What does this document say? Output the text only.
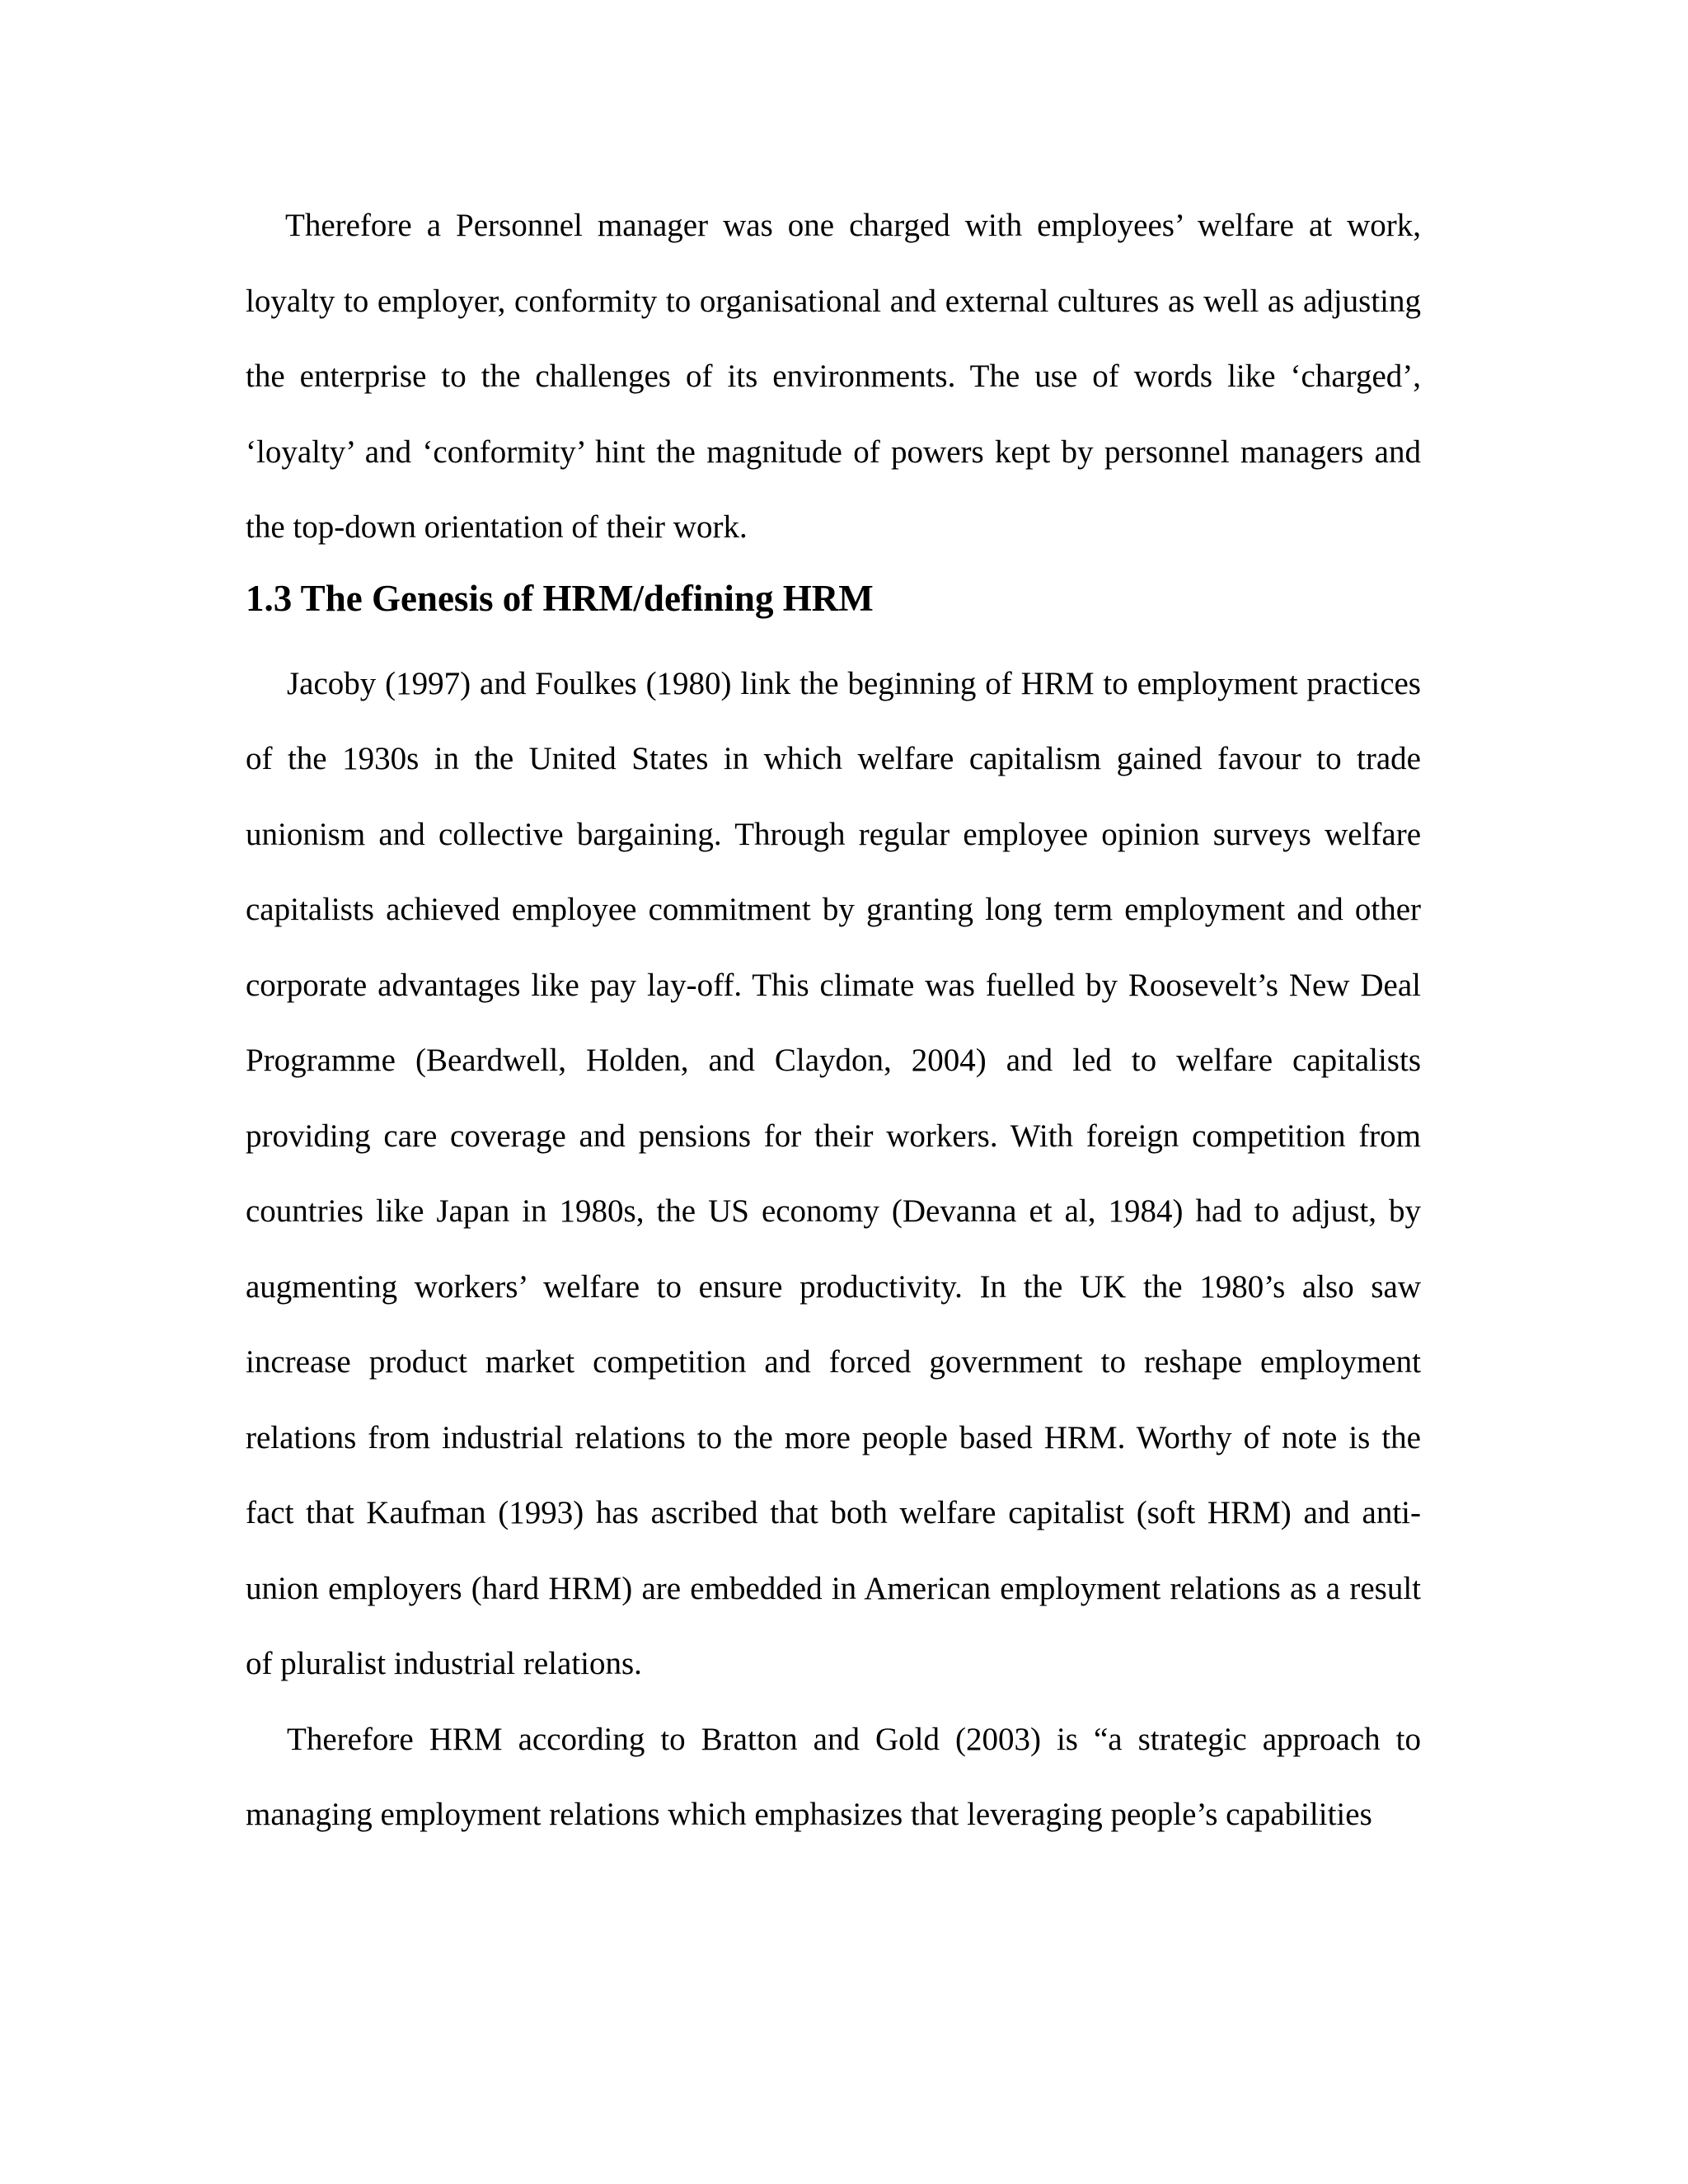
Therefore a Personnel manager was one charged with employees’ welfare at work, loyalty to employer, conformity to organisational and external cultures as well as adjusting the enterprise to the challenges of its environments. The use of words like ‘charged’, ‘loyalty’ and ‘conformity’ hint the magnitude of powers kept by personnel managers and the top-down orientation of their work.

1.3 The Genesis of HRM/defining HRM

Jacoby (1997) and Foulkes (1980) link the beginning of HRM to employment practices of the 1930s in the United States in which welfare capitalism gained favour to trade unionism and collective bargaining. Through regular employee opinion surveys welfare capitalists achieved employee commitment by granting long term employment and other corporate advantages like pay lay-off. This climate was fuelled by Roosevelt’s New Deal Programme (Beardwell, Holden, and Claydon, 2004) and led to welfare capitalists providing care coverage and pensions for their workers. With foreign competition from countries like Japan in 1980s, the US economy (Devanna et al, 1984) had to adjust, by augmenting workers’ welfare to ensure productivity. In the UK the 1980’s also saw increase product market competition and forced government to reshape employment relations from industrial relations to the more people based HRM. Worthy of note is the fact that Kaufman (1993) has ascribed that both welfare capitalist (soft HRM) and anti-union employers (hard HRM) are embedded in American employment relations as a result of pluralist industrial relations.

Therefore HRM according to Bratton and Gold (2003) is “a strategic approach to managing employment relations which emphasizes that leveraging people’s capabilities
